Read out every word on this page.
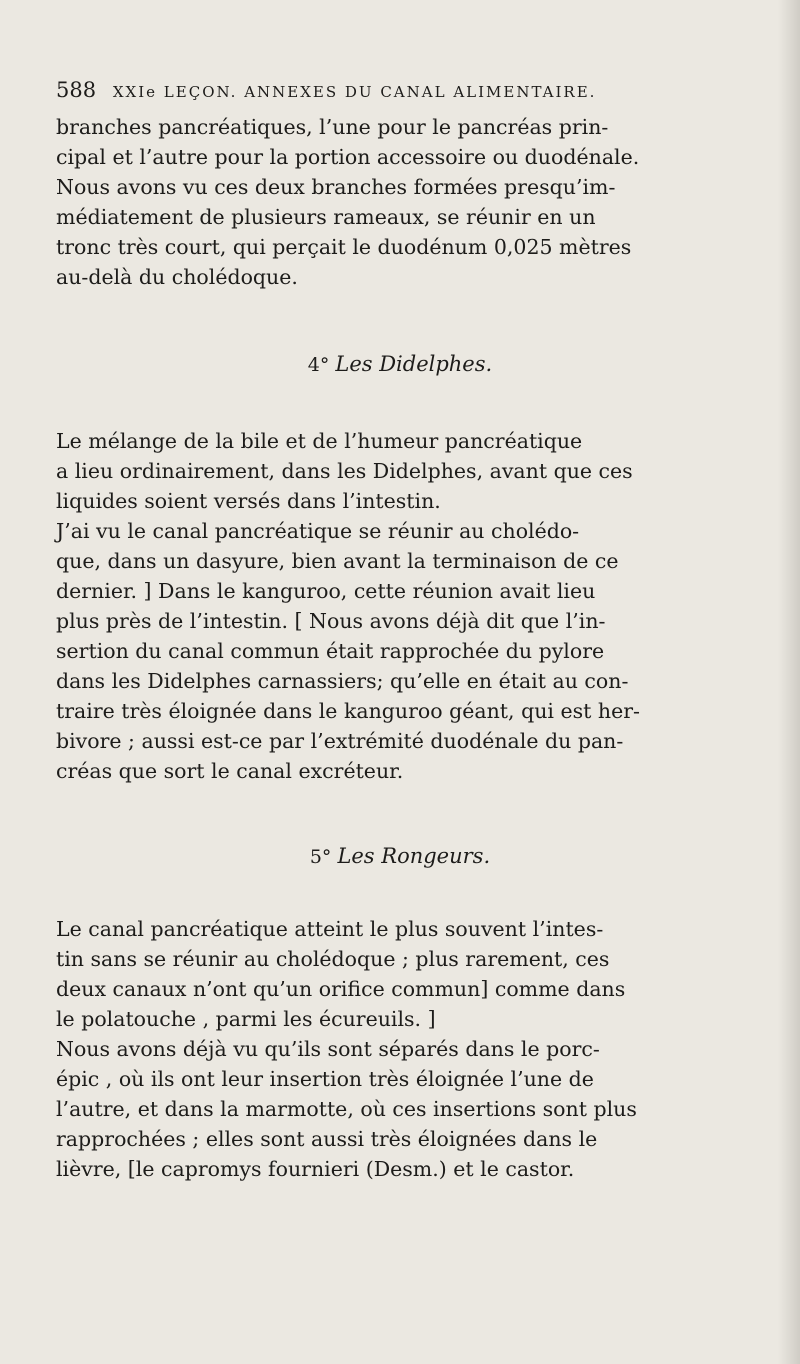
588 XXIe LEÇON. ANNEXES DU CANAL ALIMENTAIRE.
branches pancréatiques, l’une pour le pancréas prin-
cipal et l’autre pour la portion accessoire ou duodénale.
Nous avons vu ces deux branches formées presqu’im-
médiatement de plusieurs rameaux, se réunir en un
tronc très court, qui perçait le duodénum 0,025 mètres
au-delà du cholédoque.
4° Les Didelphes.
Le mélange de la bile et de l’humeur pancréatique
a lieu ordinairement, dans les Didelphes, avant que ces
liquides soient versés dans l’intestin.
J’ai vu le canal pancréatique se réunir au cholédo-
que, dans un dasyure, bien avant la terminaison de ce
dernier. ] Dans le kanguroo, cette réunion avait lieu
plus près de l’intestin. [ Nous avons déjà dit que l’in-
sertion du canal commun était rapprochée du pylore
dans les Didelphes carnassiers; qu’elle en était au con-
traire très éloignée dans le kanguroo géant, qui est her-
bivore ; aussi est-ce par l’extrémité duodénale du pan-
créas que sort le canal excréteur.
5° Les Rongeurs.
Le canal pancréatique atteint le plus souvent l’intes-
tin sans se réunir au cholédoque ; plus rarement, ces
deux canaux n’ont qu’un orifice commun] comme dans
le polatouche , parmi les écureuils. ]
Nous avons déjà vu qu’ils sont séparés dans le porc-
épic , où ils ont leur insertion très éloignée l’une de
l’autre, et dans la marmotte, où ces insertions sont plus
rapprochées ; elles sont aussi très éloignées dans le
lièvre, [le capromys fournieri (Desm.) et le castor.
